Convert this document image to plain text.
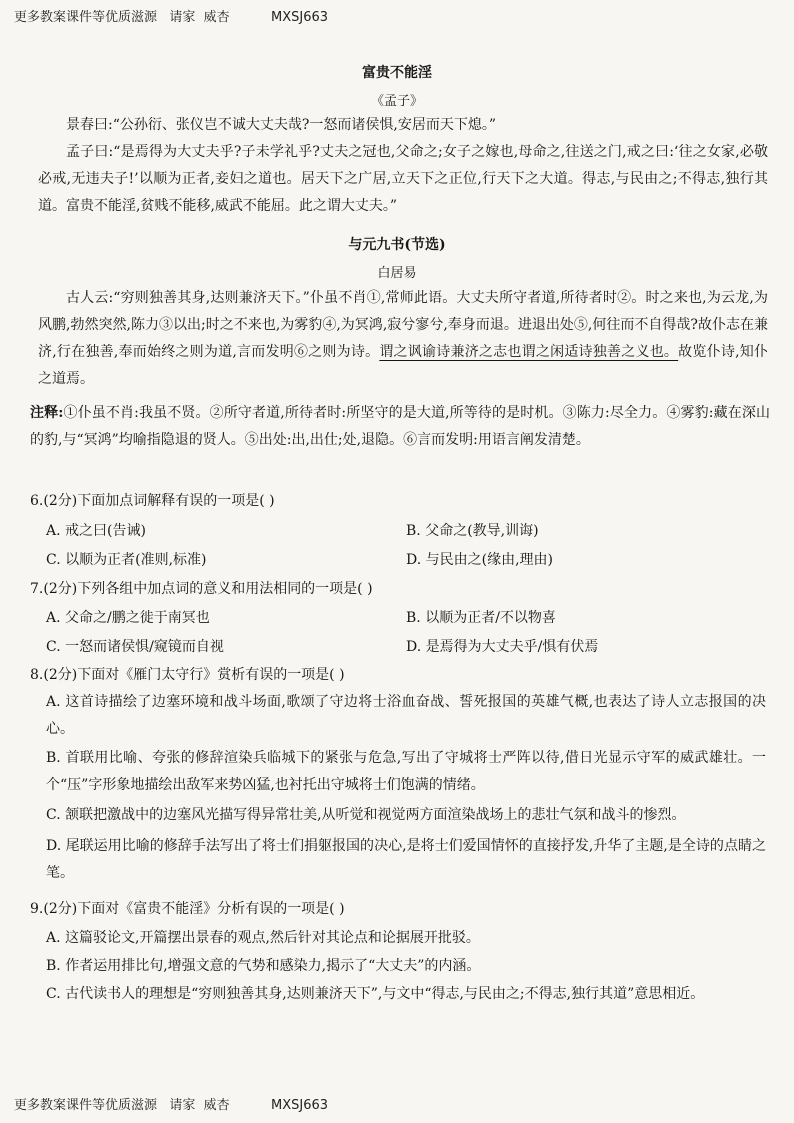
更多教案课件等优质滋源 请家  威杏	MXSJ663
富贵不能淫
《孟子》
景春曰:“公孙衍、张仪岂不诚大丈夫哉?一怒而诸侯惧,安居而天下熄。”
孟子曰:“是焉得为大丈夫乎?子未学礼乎?丈夫之冠也,父命之;女子之嫁也,母命之,往送之门,戒之曰:‘往之女家,必敬必戒,无违夫子!’以顺为正者,妾妇之道也。居天下之广居,立天下之正位,行天下之大道。得志,与民由之;不得志,独行其道。富贵不能淫,贫贱不能移,威武不能屈。此之谓大丈夫。”
与元九书(节选)
白居易
古人云:“穷则独善其身,达则兼济天下。”仆虽不肖①,常师此语。大丈夫所守者道,所待者时②。时之来也,为云龙,为风鹏,勃然突然,陈力③以出;时之不来也,为雾豹④,为冥鸿,寂兮寥兮,奉身而退。进退出处⑤,何往而不自得哉?故仆志在兼济,行在独善,奉而始终之则为道,言而发明⑥之则为诗。谓之讽谕诗兼济之志也谓之闲适诗独善之义也。故览仆诗,知仆之道焉。
注释:①仆虽不肖:我虽不贤。②所守者道,所待者时:所坚守的是大道,所等待的是时机。③陈力:尽全力。④雾豹:藏在深山的豹,与“冥鸿”均喻指隐退的贤人。⑤出处:出,出仕;处,退隐。⑥言而发明:用语言阐发清楚。
6.(2分)下面加点词解释有误的一项是( )
A. 戒之曰(告诫)	B. 父命之(教导,训诲)
C. 以顺为正者(准则,标准)	D. 与民由之(缘由,理由)
7.(2分)下列各组中加点词的意义和用法相同的一项是( )
A. 父命之/鹏之徙于南冥也	B. 以顺为正者/不以物喜
C. 一怒而诸侯惧/窥镜而自视	D. 是焉得为大丈夫乎/惧有伏焉
8.(2分)下面对《雁门太守行》赏析有误的一项是( )
A. 这首诗描绘了边塞环境和战斗场面,歌颂了守边将士浴血奋战、誓死报国的英雄气概,也表达了诗人立志报国的决心。
B. 首联用比喻、夸张的修辞渲染兵临城下的紧张与危急,写出了守城将士严阵以待,借日光显示守军的威武雄壮。一个“压”字形象地描绘出敌军来势凶猛,也衬托出守城将士们饱满的情绪。
C. 颔联把激战中的边塞风光描写得异常壮美,从听觉和视觉两方面渲染战场上的悲壮气氛和战斗的惨烈。
D. 尾联运用比喻的修辞手法写出了将士们捐躯报国的决心,是将士们爱国情怀的直接抒发,升华了主题,是全诗的点睛之笔。
9.(2分)下面对《富贵不能淫》分析有误的一项是( )
A. 这篇驳论文,开篇摆出景春的观点,然后针对其论点和论据展开批驳。
B. 作者运用排比句,增强文意的气势和感染力,揭示了“大丈夫”的内涵。
C. 古代读书人的理想是“穷则独善其身,达则兼济天下”,与文中“得志,与民由之;不得志,独行其道”意思相近。
更多教案课件等优质滋源 请家  威杏	MXSJ663
